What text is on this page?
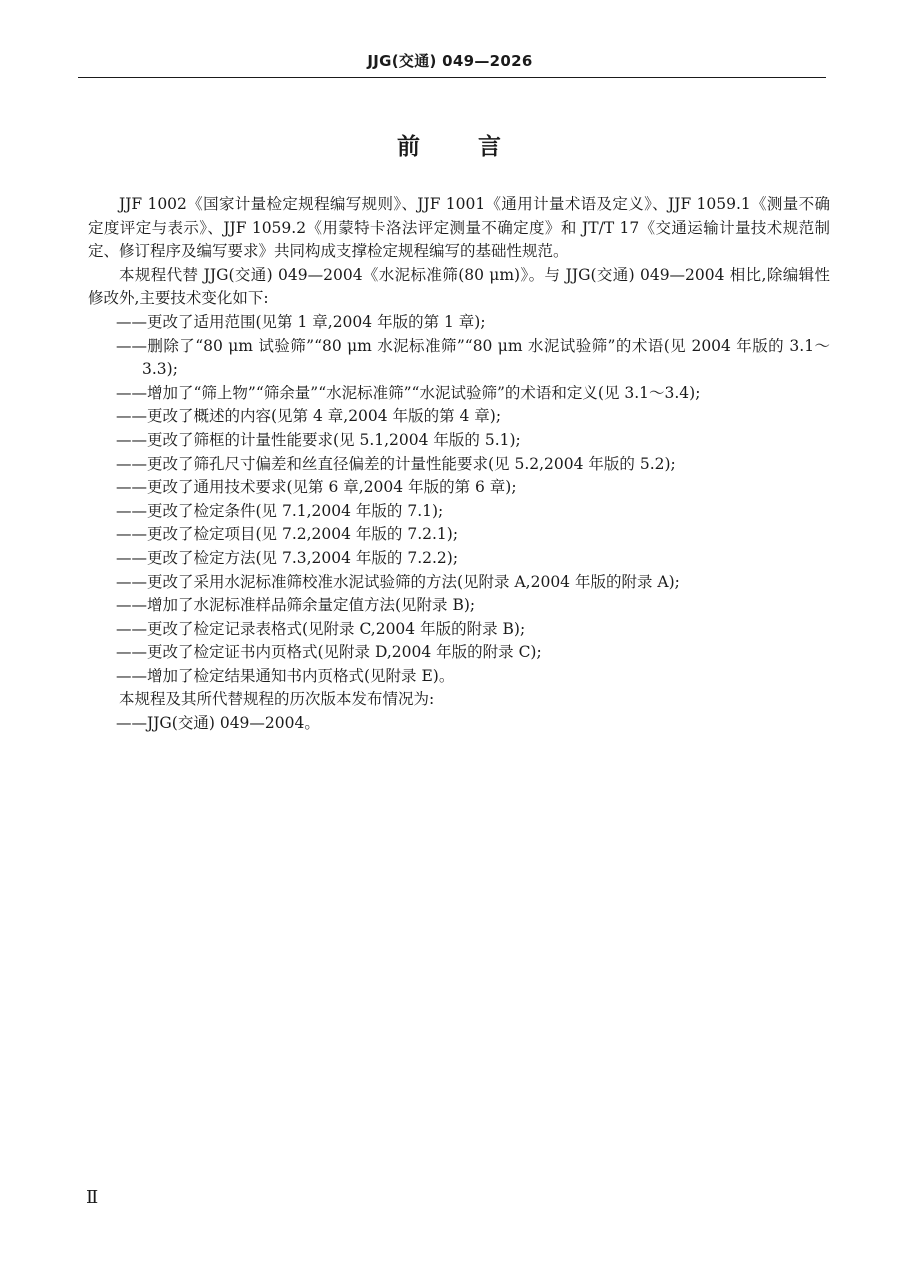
JJG(交通) 049—2026
前 言

JJF 1002《国家计量检定规程编写规则》、JJF 1001《通用计量术语及定义》、JJF 1059.1《测量不确定度评定与表示》、JJF 1059.2《用蒙特卡洛法评定测量不确定度》和 JT/T 17《交通运输计量技术规范制定、修订程序及编写要求》共同构成支撑检定规程编写的基础性规范。

本规程代替 JJG(交通) 049—2004《水泥标准筛(80 μm)》。与 JJG(交通) 049—2004 相比,除编辑性修改外,主要技术变化如下:

——更改了适用范围(见第 1 章,2004 年版的第 1 章);

——删除了“80 μm 试验筛”“80 μm 水泥标准筛”“80 μm 水泥试验筛”的术语(见 2004 年版的 3.1～3.3);

——增加了“筛上物”“筛余量”“水泥标准筛”“水泥试验筛”的术语和定义(见 3.1～3.4);

——更改了概述的内容(见第 4 章,2004 年版的第 4 章);

——更改了筛框的计量性能要求(见 5.1,2004 年版的 5.1);

——更改了筛孔尺寸偏差和丝直径偏差的计量性能要求(见 5.2,2004 年版的 5.2);

——更改了通用技术要求(见第 6 章,2004 年版的第 6 章);

——更改了检定条件(见 7.1,2004 年版的 7.1);

——更改了检定项目(见 7.2,2004 年版的 7.2.1);

——更改了检定方法(见 7.3,2004 年版的 7.2.2);

——更改了采用水泥标准筛校准水泥试验筛的方法(见附录 A,2004 年版的附录 A);

——增加了水泥标准样品筛余量定值方法(见附录 B);

——更改了检定记录表格式(见附录 C,2004 年版的附录 B);

——更改了检定证书内页格式(见附录 D,2004 年版的附录 C);

——增加了检定结果通知书内页格式(见附录 E)。

本规程及其所代替规程的历次版本发布情况为:

——JJG(交通) 049—2004。

Ⅱ
